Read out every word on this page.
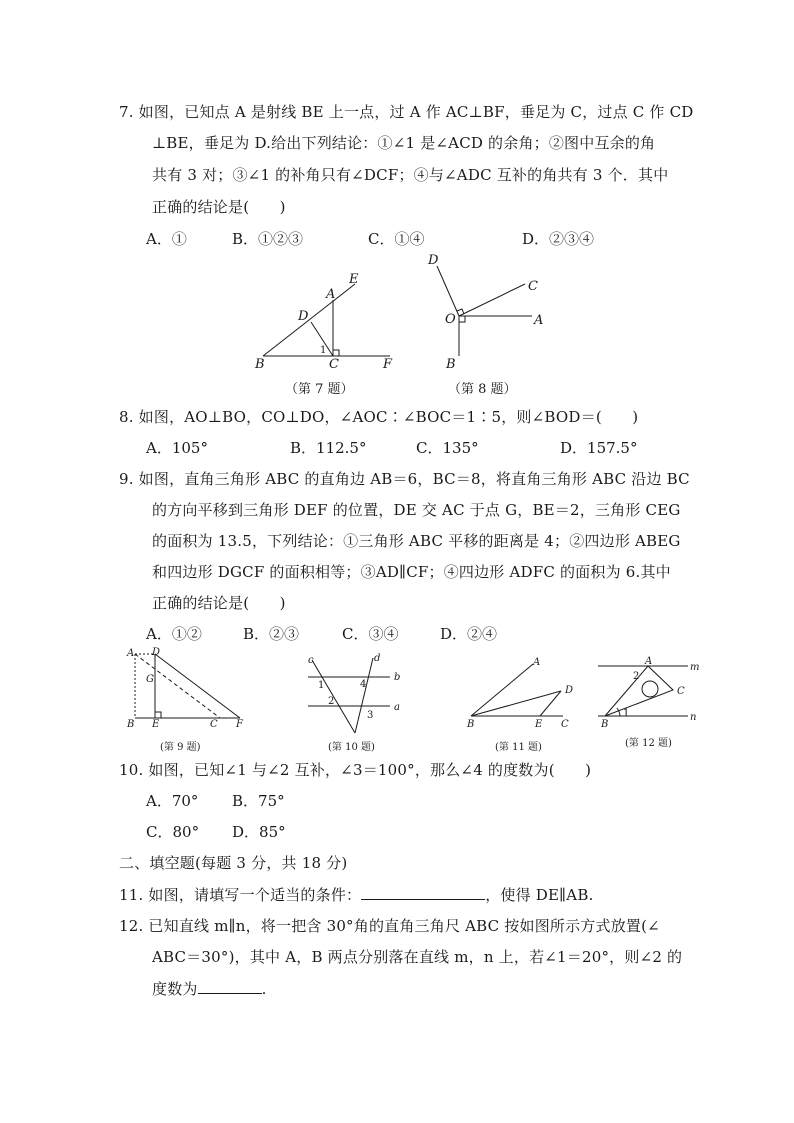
7. 如图，已知点 A 是射线 BE 上一点，过 A 作 AC⊥BF，垂足为 C，过点 C 作 CD
⊥BE，垂足为 D.给出下列结论：①∠1 是∠ACD 的余角；②图中互余的角
共有 3 对；③∠1 的补角只有∠DCF；④与∠ADC 互补的角共有 3 个．其中
正确的结论是(　　)
A．①	B．①②③	C．①④	D．②③④
E
A
D
B
1
C	F
（第 7 题）
D
C
O	A
B
（第 8 题）
8. 如图，AO⊥BO，CO⊥DO，∠AOC∶∠BOC＝1∶5，则∠BOD＝(　　)
A．105°	B．112.5°	C．135°	D．157.5°
9. 如图，直角三角形 ABC 的直角边 AB＝6，BC＝8，将直角三角形 ABC 沿边 BC
的方向平移到三角形 DEF 的位置，DE 交 AC 于点 G，BE＝2，三角形 CEG
的面积为 13.5，下列结论：①三角形 ABC 平移的距离是 4；②四边形 ABEG
和四边形 DGCF 的面积相等；③AD∥CF；④四边形 ADFC 的面积为 6.其中
正确的结论是(　　)
A．①②	B．②③	C．③④	D．②④
A D
G
B E	C F
(第 9 题)
c	d
b
a
1
2
3
4
(第 10 题)
A
D
B	E C
(第 11 题)
A
m
2
C
B
1	n
(第 12 题)
10. 如图，已知∠1 与∠2 互补，∠3＝100°，那么∠4 的度数为(　　)
A．70° B．75°
C．80° D．85°
二、填空题(每题 3 分，共 18 分)
11. 如图，请填写一个适当的条件：	，使得 DE∥AB.
12. 已知直线 m∥n，将一把含 30°角的直角三角尺 ABC 按如图所示方式放置(∠
ABC＝30°)，其中 A，B 两点分别落在直线 m，n 上，若∠1＝20°，则∠2 的
度数为	.
